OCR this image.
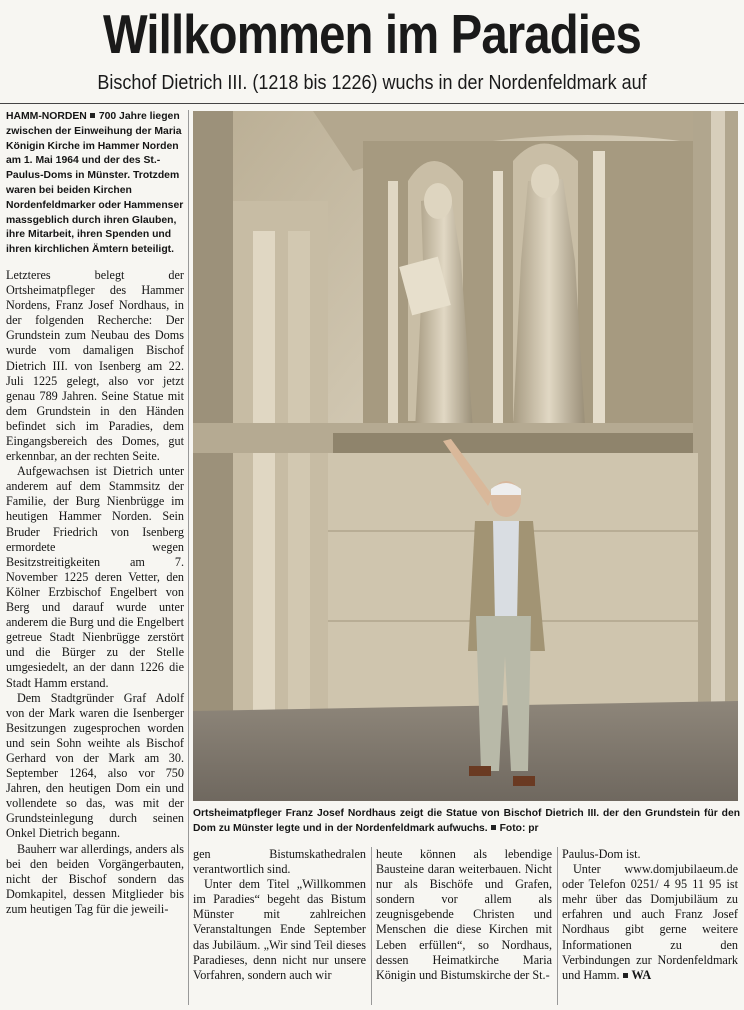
Willkommen im Paradies
Bischof Dietrich III. (1218 bis 1226) wuchs in der Nordenfeldmark auf
HAMM-NORDEN 700 Jahre liegen zwischen der Einweihung der Maria Königin Kirche im Hammer Norden am 1. Mai 1964 und der des St.-Paulus-Doms in Münster. Trotzdem waren bei beiden Kirchen Nordenfeldmarker oder Hammenser massgeblich durch ihren Glauben, ihre Mitarbeit, ihren Spenden und ihren kirchlichen Ämtern beteiligt.

Letzteres belegt der Ortsheimatpfleger des Hammer Nordens, Franz Josef Nordhaus, in der folgenden Recherche: Der Grundstein zum Neubau des Doms wurde vom damaligen Bischof Dietrich III. von Isenberg am 22. Juli 1225 gelegt, also vor jetzt genau 789 Jahren. Seine Statue mit dem Grundstein in den Händen befindet sich im Paradies, dem Eingangsbereich des Domes, gut erkennbar, an der rechten Seite.

Aufgewachsen ist Dietrich unter anderem auf dem Stammsitz der Familie, der Burg Nienbrügge im heutigen Hammer Norden. Sein Bruder Friedrich von Isenberg ermordete wegen Besitzstreitigkeiten am 7. November 1225 deren Vetter, den Kölner Erzbischof Engelbert von Berg und darauf wurde unter anderem die Burg und die Engelbert getreue Stadt Nienbrügge zerstört und die Bürger zu der Stelle umgesiedelt, an der dann 1226 die Stadt Hamm erstand.

Dem Stadtgründer Graf Adolf von der Mark waren die Isenberger Besitzungen zugesprochen worden und sein Sohn weihte als Bischof Gerhard von der Mark am 30. September 1264, also vor 750 Jahren, den heutigen Dom ein und vollendete so das, was mit der Grundsteinlegung durch seinen Onkel Dietrich begann.

Bauherr war allerdings, anders als bei den beiden Vorgängerbauten, nicht der Bischof sondern das Domkapitel, dessen Mitglieder bis zum heutigen Tag für die jeweili-

Ortsheimatpfleger Franz Josef Nordhaus zeigt die Statue von Bischof Dietrich III. der den Grundstein für den Dom zu Münster legte und in der Nordenfeldmark aufwuchs. Foto: pr

gen Bistumskathedralen verantwortlich sind.

Unter dem Titel „Willkommen im Paradies“ begeht das Bistum Münster mit zahlreichen Veranstaltungen Ende September das Jubiläum. „Wir sind Teil dieses Paradieses, denn nicht nur unsere Vorfahren, sondern auch wir

heute können als lebendige Bausteine daran weiterbauen. Nicht nur als Bischöfe und Grafen, sondern vor allem als zeugnisgebende Christen und Menschen die diese Kirchen mit Leben erfüllen“, so Nordhaus, dessen Heimatkirche Maria Königin und Bistumskirche der St.-

Paulus-Dom ist.

Unter www.domjubilaeum.de oder Telefon 0251/ 4 95 11 95 ist mehr über das Domjubiläum zu erfahren und auch Franz Josef Nordhaus gibt gerne weitere Informationen zu den Verbindungen zur Nordenfeldmark und Hamm. WA
